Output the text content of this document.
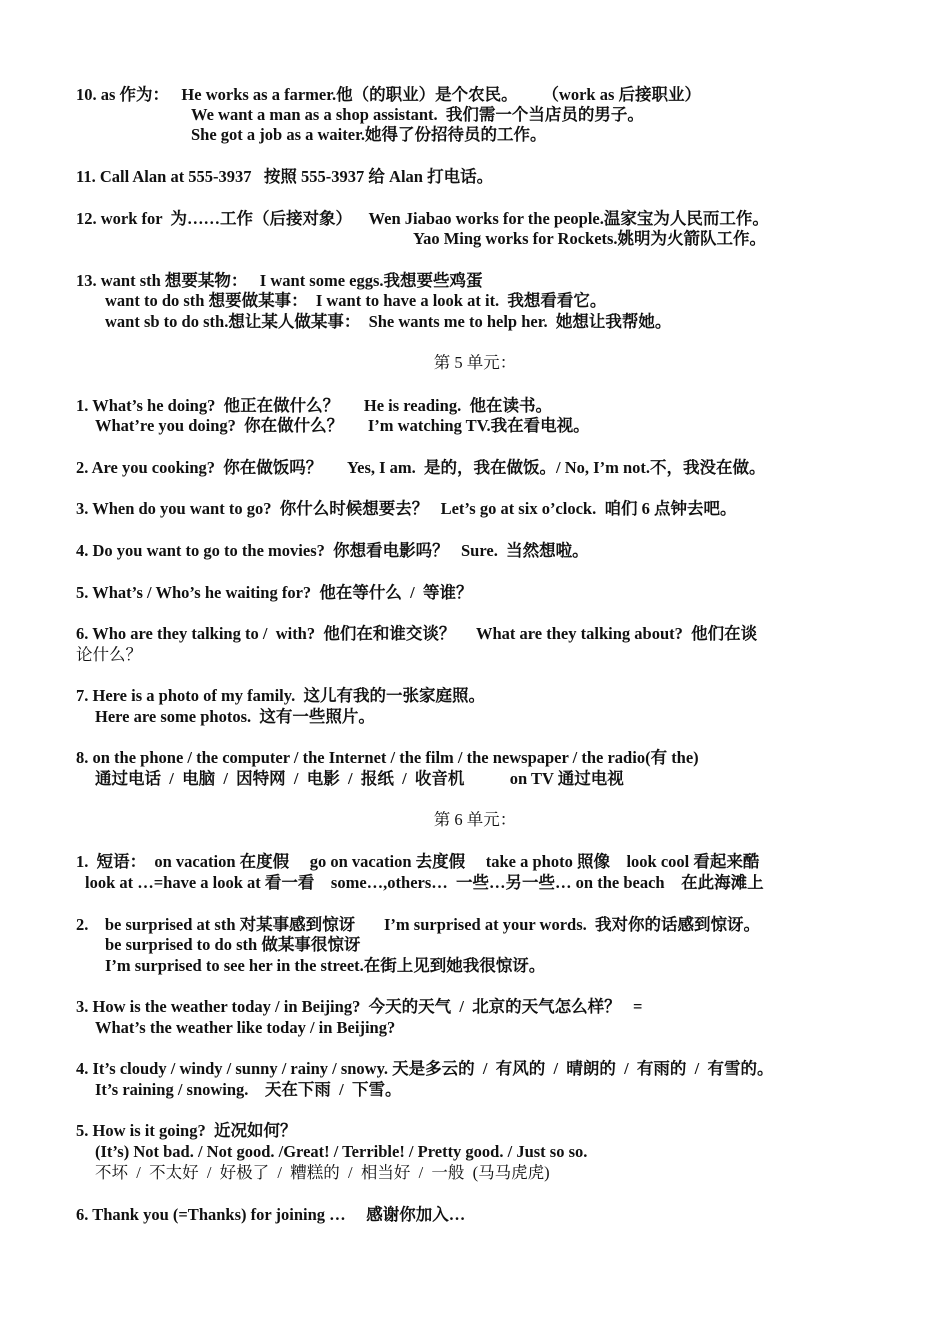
10. as 作为：   He works as a farmer.他（的职业）是个农民。      （work as 后接职业）
We want a man as a shop assistant.  我们需一个当店员的男子。
She got a job as a waiter.她得了份招待员的工作。
11. Call Alan at 555-3937   按照 555-3937 给 Alan 打电话。
12. work for  为……工作（后接对象）    Wen Jiabao works for the people.温家宝为人民而工作。
Yao Ming works for Rockets.姚明为火箭队工作。
13. want sth 想要某物：   I want some eggs.我想要些鸡蛋
want to do sth 想要做某事：  I want to have a look at it.  我想看看它。
want sb to do sth.想让某人做某事：  She wants me to help her.  她想让我帮她。
第 5 单元：
1. What’s he doing?  他正在做什么？      He is reading.  他在读书。
What’re you doing?  你在做什么？      I’m watching TV.我在看电视。
2. Are you cooking?  你在做饭吗？      Yes, I am.  是的，我在做饭。/ No, I’m not.不，我没在做。
3. When do you want to go?  你什么时候想要去？   Let’s go at six o’clock.  咱们 6 点钟去吧。
4. Do you want to go to the movies?  你想看电影吗？   Sure.  当然想啦。
5. What’s / Who’s he waiting for?  他在等什么  /  等谁？
6. Who are they talking to /  with?  他们在和谁交谈？     What are they talking about?  他们在谈
论什么？
7. Here is a photo of my family.  这儿有我的一张家庭照。
Here are some photos.  这有一些照片。
8. on the phone / the computer / the Internet / the film / the newspaper / the radio(有 the)
通过电话  /  电脑  /  因特网  /  电影  /  报纸  /  收音机           on TV 通过电视
第 6 单元：
1.  短语：  on vacation 在度假     go on vacation 去度假     take a photo 照像    look cool 看起来酷
look at …=have a look at 看一看    some…,others…  一些…另一些… on the beach    在此海滩上
2.    be surprised at sth 对某事感到惊讶       I’m surprised at your words.  我对你的话感到惊讶。
be surprised to do sth 做某事很惊讶
I’m surprised to see her in the street.在街上见到她我很惊讶。
3. How is the weather today / in Beijing?  今天的天气  /  北京的天气怎么样？   =
What’s the weather like today / in Beijing?
4. It’s cloudy / windy / sunny / rainy / snowy. 天是多云的  /  有风的  /  晴朗的  /  有雨的  /  有雪的。
It’s raining / snowing.    天在下雨  /  下雪。
5. How is it going?  近况如何？
(It’s) Not bad. / Not good. /Great! / Terrible! / Pretty good. / Just so so.
不坏  /  不太好  /  好极了  /  糟糕的  /  相当好  /  一般  (马马虎虎)
6. Thank you (=Thanks) for joining …     感谢你加入…
